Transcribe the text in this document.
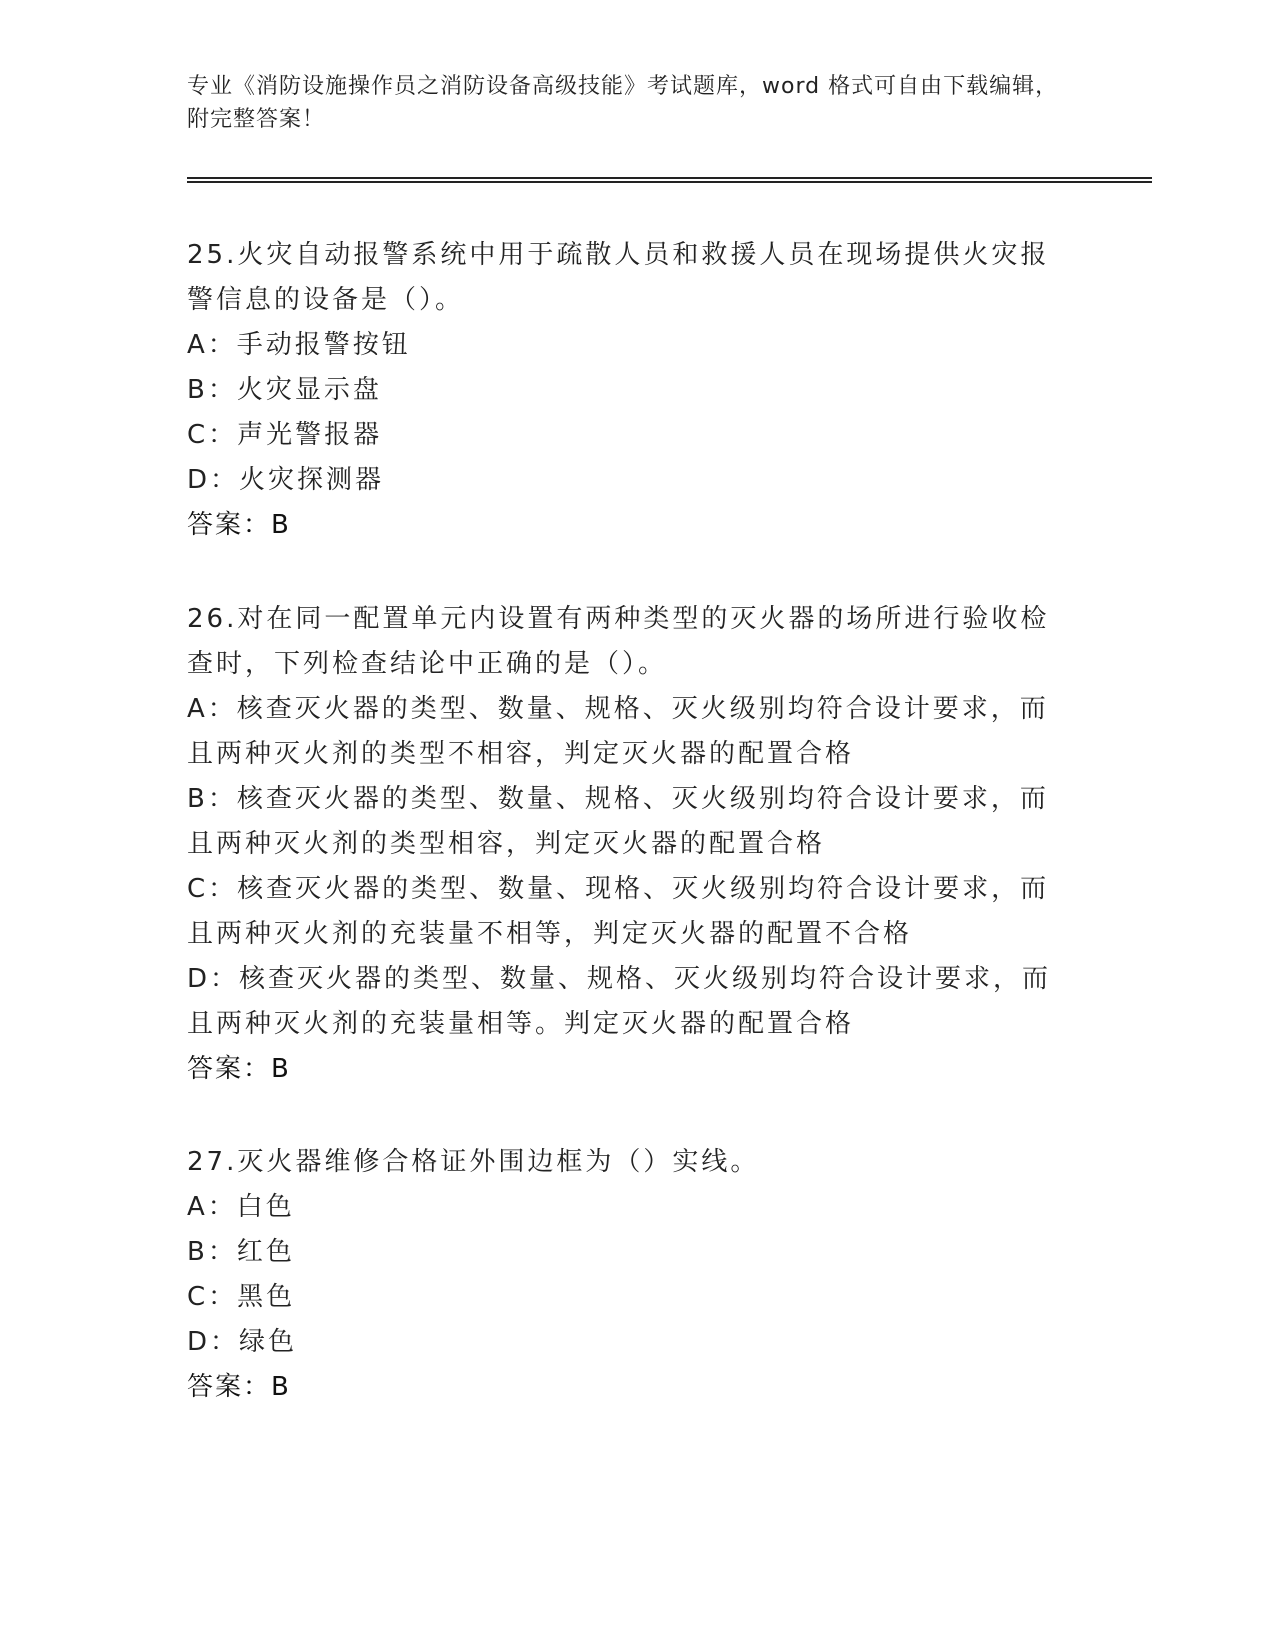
专业《消防设施操作员之消防设备高级技能》考试题库，word 格式可自由下载编辑，附完整答案！

25.火灾自动报警系统中用于疏散人员和救援人员在现场提供火灾报警信息的设备是（）。

A：手动报警按钮

B：火灾显示盘

C：声光警报器

D：火灾探测器

答案：B

26.对在同一配置单元内设置有两种类型的灭火器的场所进行验收检查时，下列检查结论中正确的是（）。

A：核查灭火器的类型、数量、规格、灭火级别均符合设计要求，而且两种灭火剂的类型不相容，判定灭火器的配置合格

B：核查灭火器的类型、数量、规格、灭火级别均符合设计要求，而且两种灭火剂的类型相容，判定灭火器的配置合格

C：核查灭火器的类型、数量、现格、灭火级别均符合设计要求，而且两种灭火剂的充装量不相等，判定灭火器的配置不合格

D：核查灭火器的类型、数量、规格、灭火级别均符合设计要求，而且两种灭火剂的充装量相等。判定灭火器的配置合格

答案：B

27.灭火器维修合格证外围边框为（）实线。

A：白色

B：红色

C：黑色

D：绿色

答案：B
